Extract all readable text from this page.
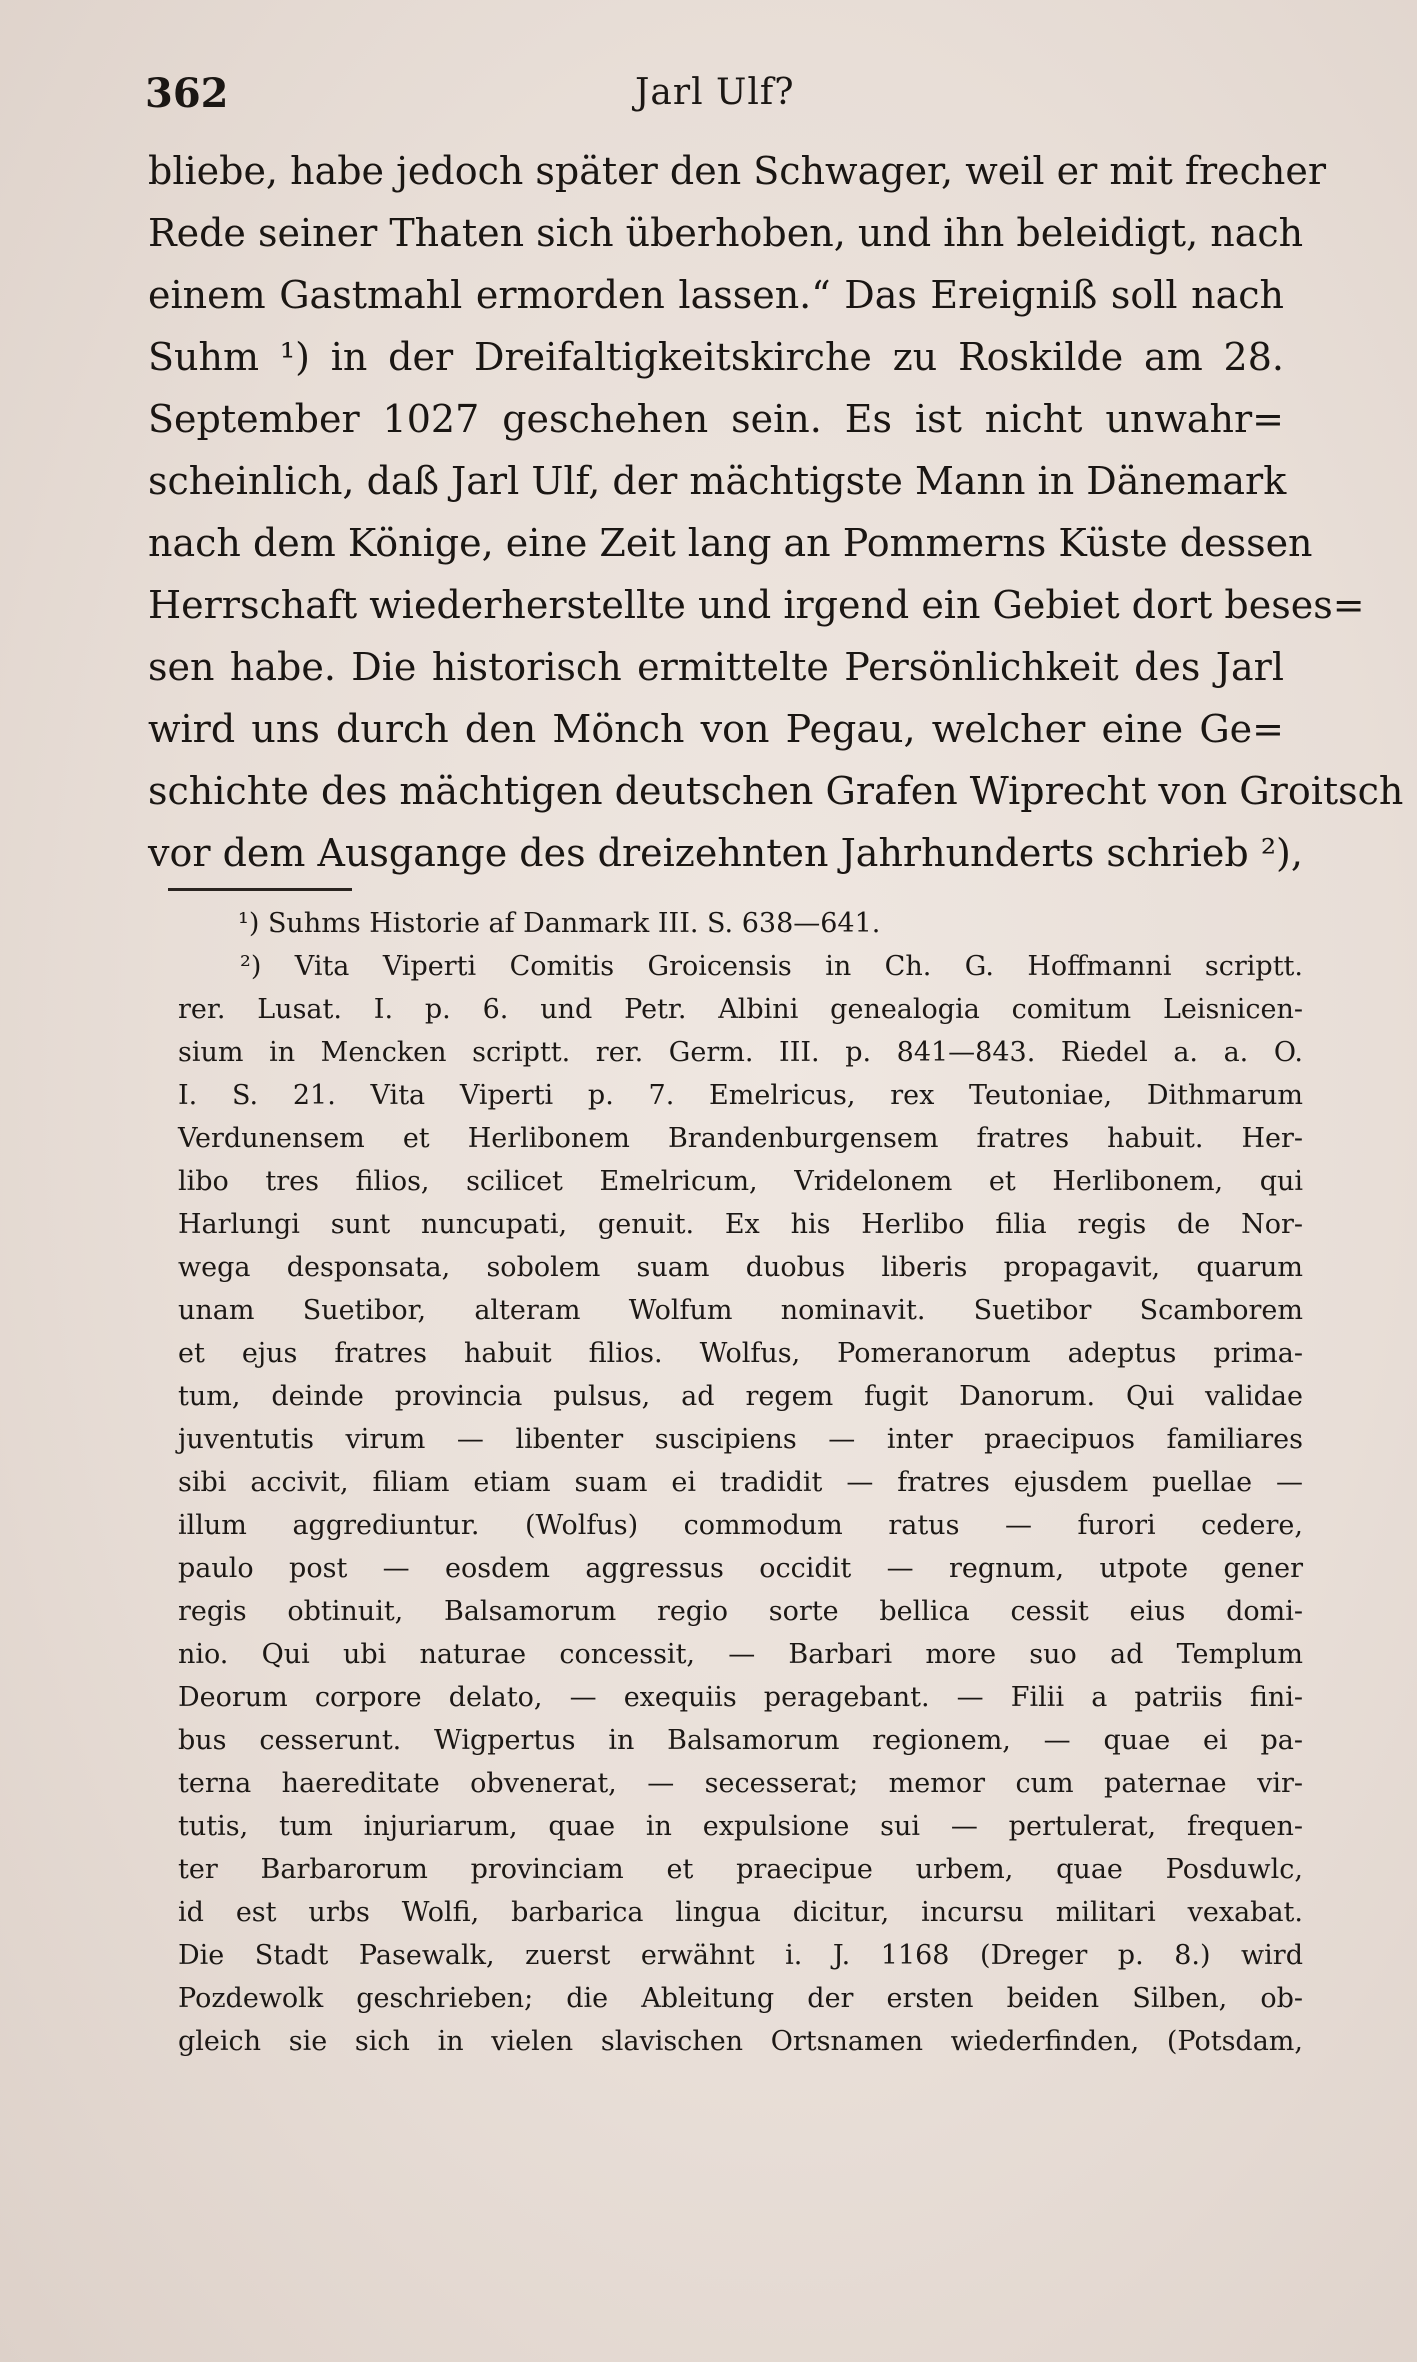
362	Jarl Ulf?
bliebe, habe jedoch später den Schwager, weil er mit frecher
Rede seiner Thaten sich überhoben, und ihn beleidigt, nach
einem Gastmahl ermorden lassen.“ Das Ereigniß soll nach
Suhm ¹) in der Dreifaltigkeitskirche zu Roskilde am 28.
September 1027 geschehen sein. Es ist nicht unwahr=
scheinlich, daß Jarl Ulf, der mächtigste Mann in Dänemark
nach dem Könige, eine Zeit lang an Pommerns Küste dessen
Herrschaft wiederherstellte und irgend ein Gebiet dort beses=
sen habe. Die historisch ermittelte Persönlichkeit des Jarl
wird uns durch den Mönch von Pegau, welcher eine Ge=
schichte des mächtigen deutschen Grafen Wiprecht von Groitsch
vor dem Ausgange des dreizehnten Jahrhunderts schrieb ²),
¹) Suhms Historie af Danmark III. S. 638—641.
²) Vita Viperti Comitis Groicensis in Ch. G. Hoffmanni scriptt.
rer. Lusat. I. p. 6. und Petr. Albini genealogia comitum Leisnicen-
sium in Mencken scriptt. rer. Germ. III. p. 841—843. Riedel a. a. O.
I. S. 21. Vita Viperti p. 7. Emelricus, rex Teutoniae, Dithmarum
Verdunensem et Herlibonem Brandenburgensem fratres habuit. Her-
libo tres filios, scilicet Emelricum, Vridelonem et Herlibonem, qui
Harlungi sunt nuncupati, genuit. Ex his Herlibo filia regis de Nor-
wega desponsata, sobolem suam duobus liberis propagavit, quarum
unam Suetibor, alteram Wolfum nominavit. Suetibor Scamborem
et ejus fratres habuit filios. Wolfus, Pomeranorum adeptus prima-
tum, deinde provincia pulsus, ad regem fugit Danorum. Qui validae
juventutis virum — libenter suscipiens — inter praecipuos familiares
sibi accivit, filiam etiam suam ei tradidit — fratres ejusdem puellae —
illum aggrediuntur. (Wolfus) commodum ratus — furori cedere,
paulo post — eosdem aggressus occidit — regnum, utpote gener
regis obtinuit, Balsamorum regio sorte bellica cessit eius domi-
nio. Qui ubi naturae concessit, — Barbari more suo ad Templum
Deorum corpore delato, — exequiis peragebant. — Filii a patriis fini-
bus cesserunt. Wigpertus in Balsamorum regionem, — quae ei pa-
terna haereditate obvenerat, — secesserat; memor cum paternae vir-
tutis, tum injuriarum, quae in expulsione sui — pertulerat, frequen-
ter Barbarorum provinciam et praecipue urbem, quae Posduwlc,
id est urbs Wolfi, barbarica lingua dicitur, incursu militari vexabat.
Die Stadt Pasewalk, zuerst erwähnt i. J. 1168 (Dreger p. 8.) wird
Pozdewolk geschrieben; die Ableitung der ersten beiden Silben, ob-
gleich sie sich in vielen slavischen Ortsnamen wiederfinden, (Potsdam,
